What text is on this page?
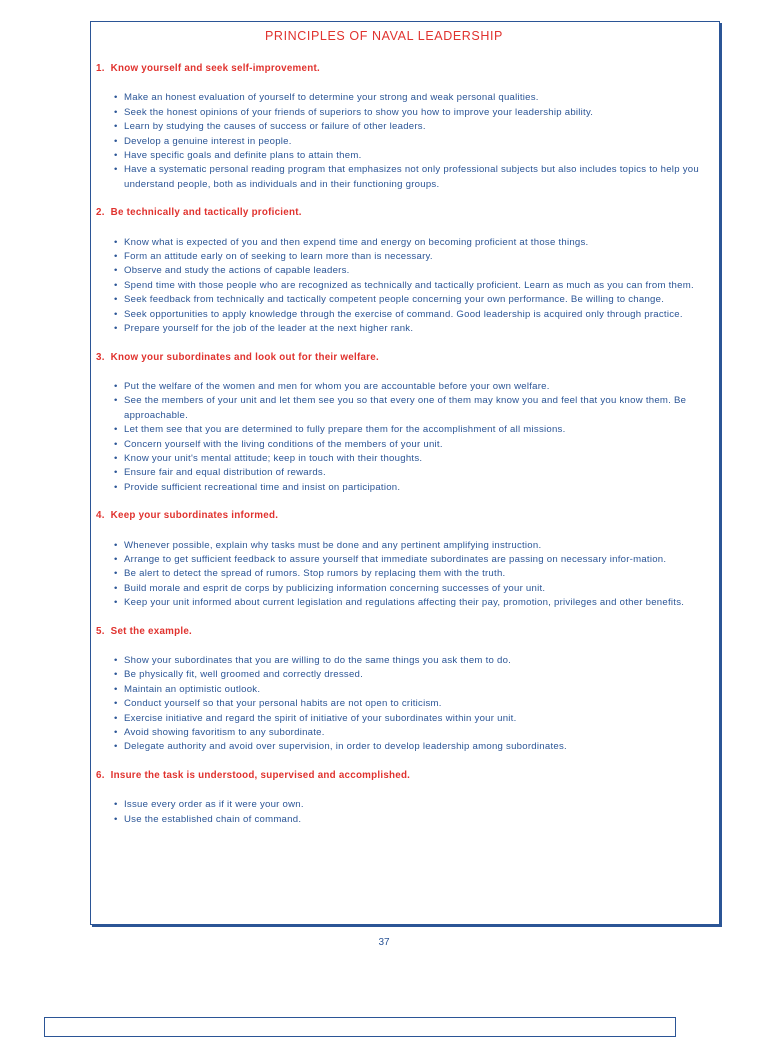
PRINCIPLES OF NAVAL LEADERSHIP
1. Know yourself and seek self-improvement.
• Make an honest evaluation of yourself to determine your strong and weak personal qualities.
• Seek the honest opinions of your friends of superiors to show you how to improve your leadership ability.
• Learn by studying the causes of success or failure of other leaders.
• Develop a genuine interest in people.
• Have specific goals and definite plans to attain them.
• Have a systematic personal reading program that emphasizes not only professional subjects but also includes topics to help you understand people, both as individuals and in their functioning groups.
2. Be technically and tactically proficient.
• Know what is expected of you and then expend time and energy on becoming proficient at those things.
• Form an attitude early on of seeking to learn more than is necessary.
• Observe and study the actions of capable leaders.
• Spend time with those people who are recognized as technically and tactically proficient. Learn as much as you can from them.
• Seek feedback from technically and tactically competent people concerning your own performance. Be willing to change.
• Seek opportunities to apply knowledge through the exercise of command. Good leadership is acquired only through practice.
• Prepare yourself for the job of the leader at the next higher rank.
3. Know your subordinates and look out for their welfare.
• Put the welfare of the women and men for whom you are accountable before your own welfare.
• See the members of your unit and let them see you so that every one of them may know you and feel that you know them. Be approachable.
• Let them see that you are determined to fully prepare them for the accomplishment of all missions.
• Concern yourself with the living conditions of the members of your unit.
• Know your unit's mental attitude; keep in touch with their thoughts.
• Ensure fair and equal distribution of rewards.
• Provide sufficient recreational time and insist on participation.
4. Keep your subordinates informed.
• Whenever possible, explain why tasks must be done and any pertinent amplifying instruction.
• Arrange to get sufficient feedback to assure yourself that immediate subordinates are passing on necessary infor-mation.
• Be alert to detect the spread of rumors. Stop rumors by replacing them with the truth.
• Build morale and esprit de corps by publicizing information concerning successes of your unit.
• Keep your unit informed about current legislation and regulations affecting their pay, promotion, privileges and other benefits.
5. Set the example.
• Show your subordinates that you are willing to do the same things you ask them to do.
• Be physically fit, well groomed and correctly dressed.
• Maintain an optimistic outlook.
• Conduct yourself so that your personal habits are not open to criticism.
• Exercise initiative and regard the spirit of initiative of your subordinates within your unit.
• Avoid showing favoritism to any subordinate.
• Delegate authority and avoid over supervision, in order to develop leadership among subordinates.
6. Insure the task is understood, supervised and accomplished.
• Issue every order as if it were your own.
• Use the established chain of command.
37
